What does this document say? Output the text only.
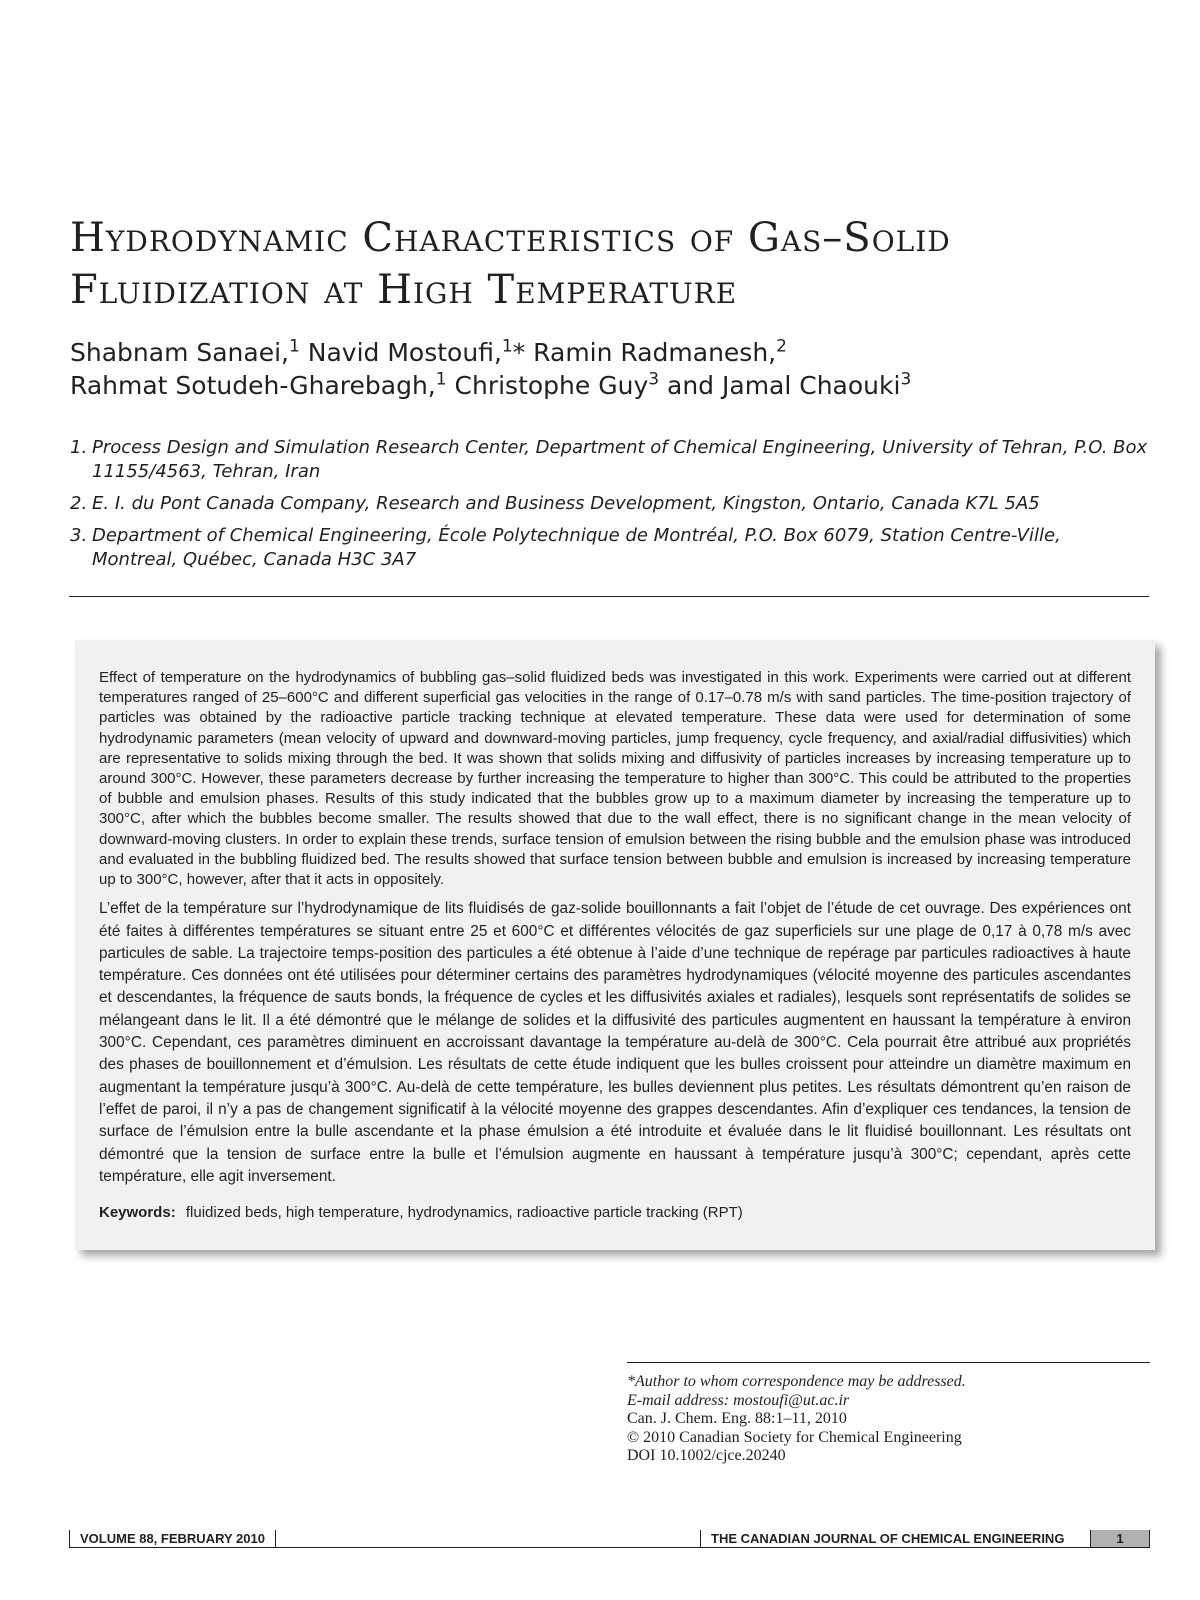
Hydrodynamic Characteristics of Gas–Solid
Fluidization at High Temperature
Shabnam Sanaei,$^1$ Navid Mostoufi,$^1$* Ramin Radmanesh,$^2$
Rahmat Sotudeh-Gharebagh,$^1$ Christophe Guy$^3$ and Jamal Chaouki$^3$
1. Process Design and Simulation Research Center, Department of Chemical Engineering, University of Tehran, P.O. Box 11155/4563, Tehran, Iran
2. E. I. du Pont Canada Company, Research and Business Development, Kingston, Ontario, Canada K7L 5A5
3. Department of Chemical Engineering, École Polytechnique de Montréal, P.O. Box 6079, Station Centre-Ville, Montreal, Québec, Canada H3C 3A7

Effect of temperature on the hydrodynamics of bubbling gas–solid fluidized beds was investigated in this work. Experiments were carried out at different temperatures ranged of 25–600°C and different superficial gas velocities in the range of 0.17–0.78 m/s with sand particles. The time-position trajectory of particles was obtained by the radioactive particle tracking technique at elevated temperature. These data were used for determination of some hydrodynamic parameters (mean velocity of upward and downward-moving particles, jump frequency, cycle frequency, and axial/radial diffusivities) which are representative to solids mixing through the bed. It was shown that solids mixing and diffusivity of particles increases by increasing temperature up to around 300°C. However, these parameters decrease by further increasing the temperature to higher than 300°C. This could be attributed to the properties of bubble and emulsion phases. Results of this study indicated that the bubbles grow up to a maximum diameter by increasing the temperature up to 300°C, after which the bubbles become smaller. The results showed that due to the wall effect, there is no significant change in the mean velocity of downward-moving clusters. In order to explain these trends, surface tension of emulsion between the rising bubble and the emulsion phase was introduced and evaluated in the bubbling fluidized bed. The results showed that surface tension between bubble and emulsion is increased by increasing temperature up to 300°C, however, after that it acts in oppositely.

L’effet de la température sur l’hydrodynamique de lits fluidisés de gaz-solide bouillonnants a fait l’objet de l’étude de cet ouvrage. Des expériences ont été faites à différentes températures se situant entre 25 et 600°C et différentes vélocités de gaz superficiels sur une plage de 0,17 à 0,78 m/s avec particules de sable. La trajectoire temps-position des particules a été obtenue à l’aide d’une technique de repérage par particules radioactives à haute température. Ces données ont été utilisées pour déterminer certains des paramètres hydrodynamiques (vélocité moyenne des particules ascendantes et descendantes, la fréquence de sauts bonds, la fréquence de cycles et les diffusivités axiales et radiales), lesquels sont représentatifs de solides se mélangeant dans le lit. Il a été démontré que le mélange de solides et la diffusivité des particules augmentent en haussant la température à environ 300°C. Cependant, ces paramètres diminuent en accroissant davantage la température au-delà de 300°C. Cela pourrait être attribué aux propriétés des phases de bouillonnement et d’émulsion. Les résultats de cette étude indiquent que les bulles croissent pour atteindre un diamètre maximum en augmentant la température jusqu’à 300°C. Au-delà de cette température, les bulles deviennent plus petites. Les résultats démontrent qu’en raison de l’effet de paroi, il n’y a pas de changement significatif à la vélocité moyenne des grappes descendantes. Afin d’expliquer ces tendances, la tension de surface de l’émulsion entre la bulle ascendante et la phase émulsion a été introduite et évaluée dans le lit fluidisé bouillonnant. Les résultats ont démontré que la tension de surface entre la bulle et l’émulsion augmente en haussant à température jusqu’à 300°C; cependant, après cette température, elle agit inversement.

Keywords: fluidized beds, high temperature, hydrodynamics, radioactive particle tracking (RPT)

*Author to whom correspondence may be addressed.
E-mail address: mostoufi@ut.ac.ir
Can. J. Chem. Eng. 88:1–11, 2010
© 2010 Canadian Society for Chemical Engineering
DOI 10.1002/cjce.20240
VOLUME 88, FEBRUARY 2010	THE CANADIAN JOURNAL OF CHEMICAL ENGINEERING	1
